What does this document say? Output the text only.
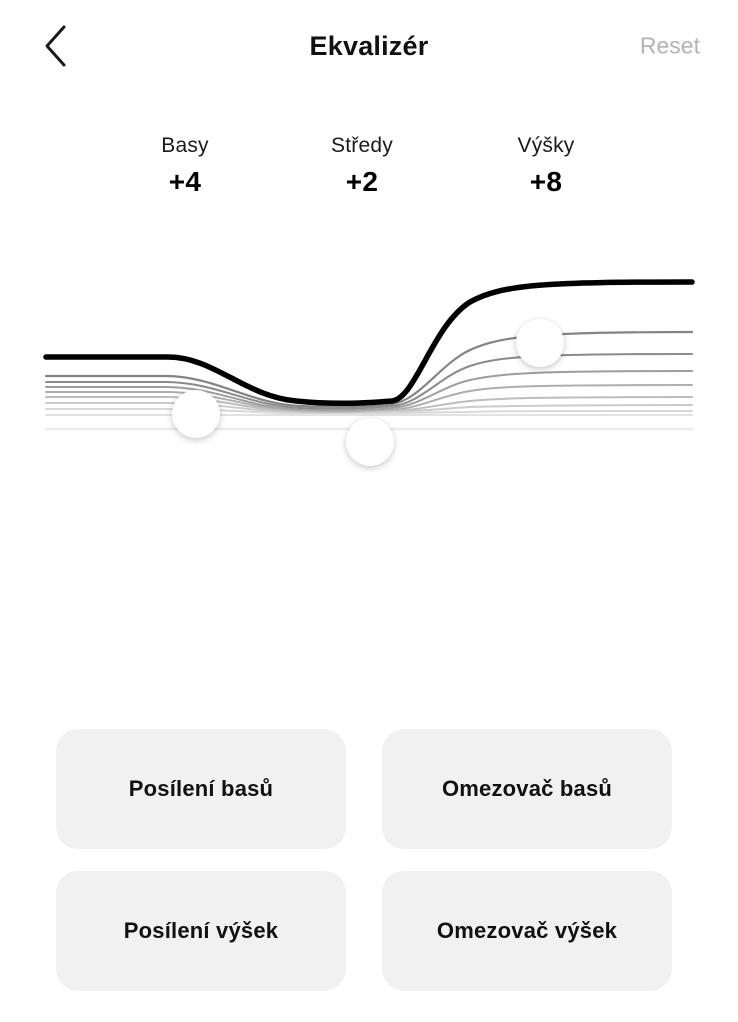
Ekvalizér	Reset
Basy
+4
Středy
+2
Výšky
+8
Posílení basů	Omezovač basů
Posílení výšek	Omezovač výšek
